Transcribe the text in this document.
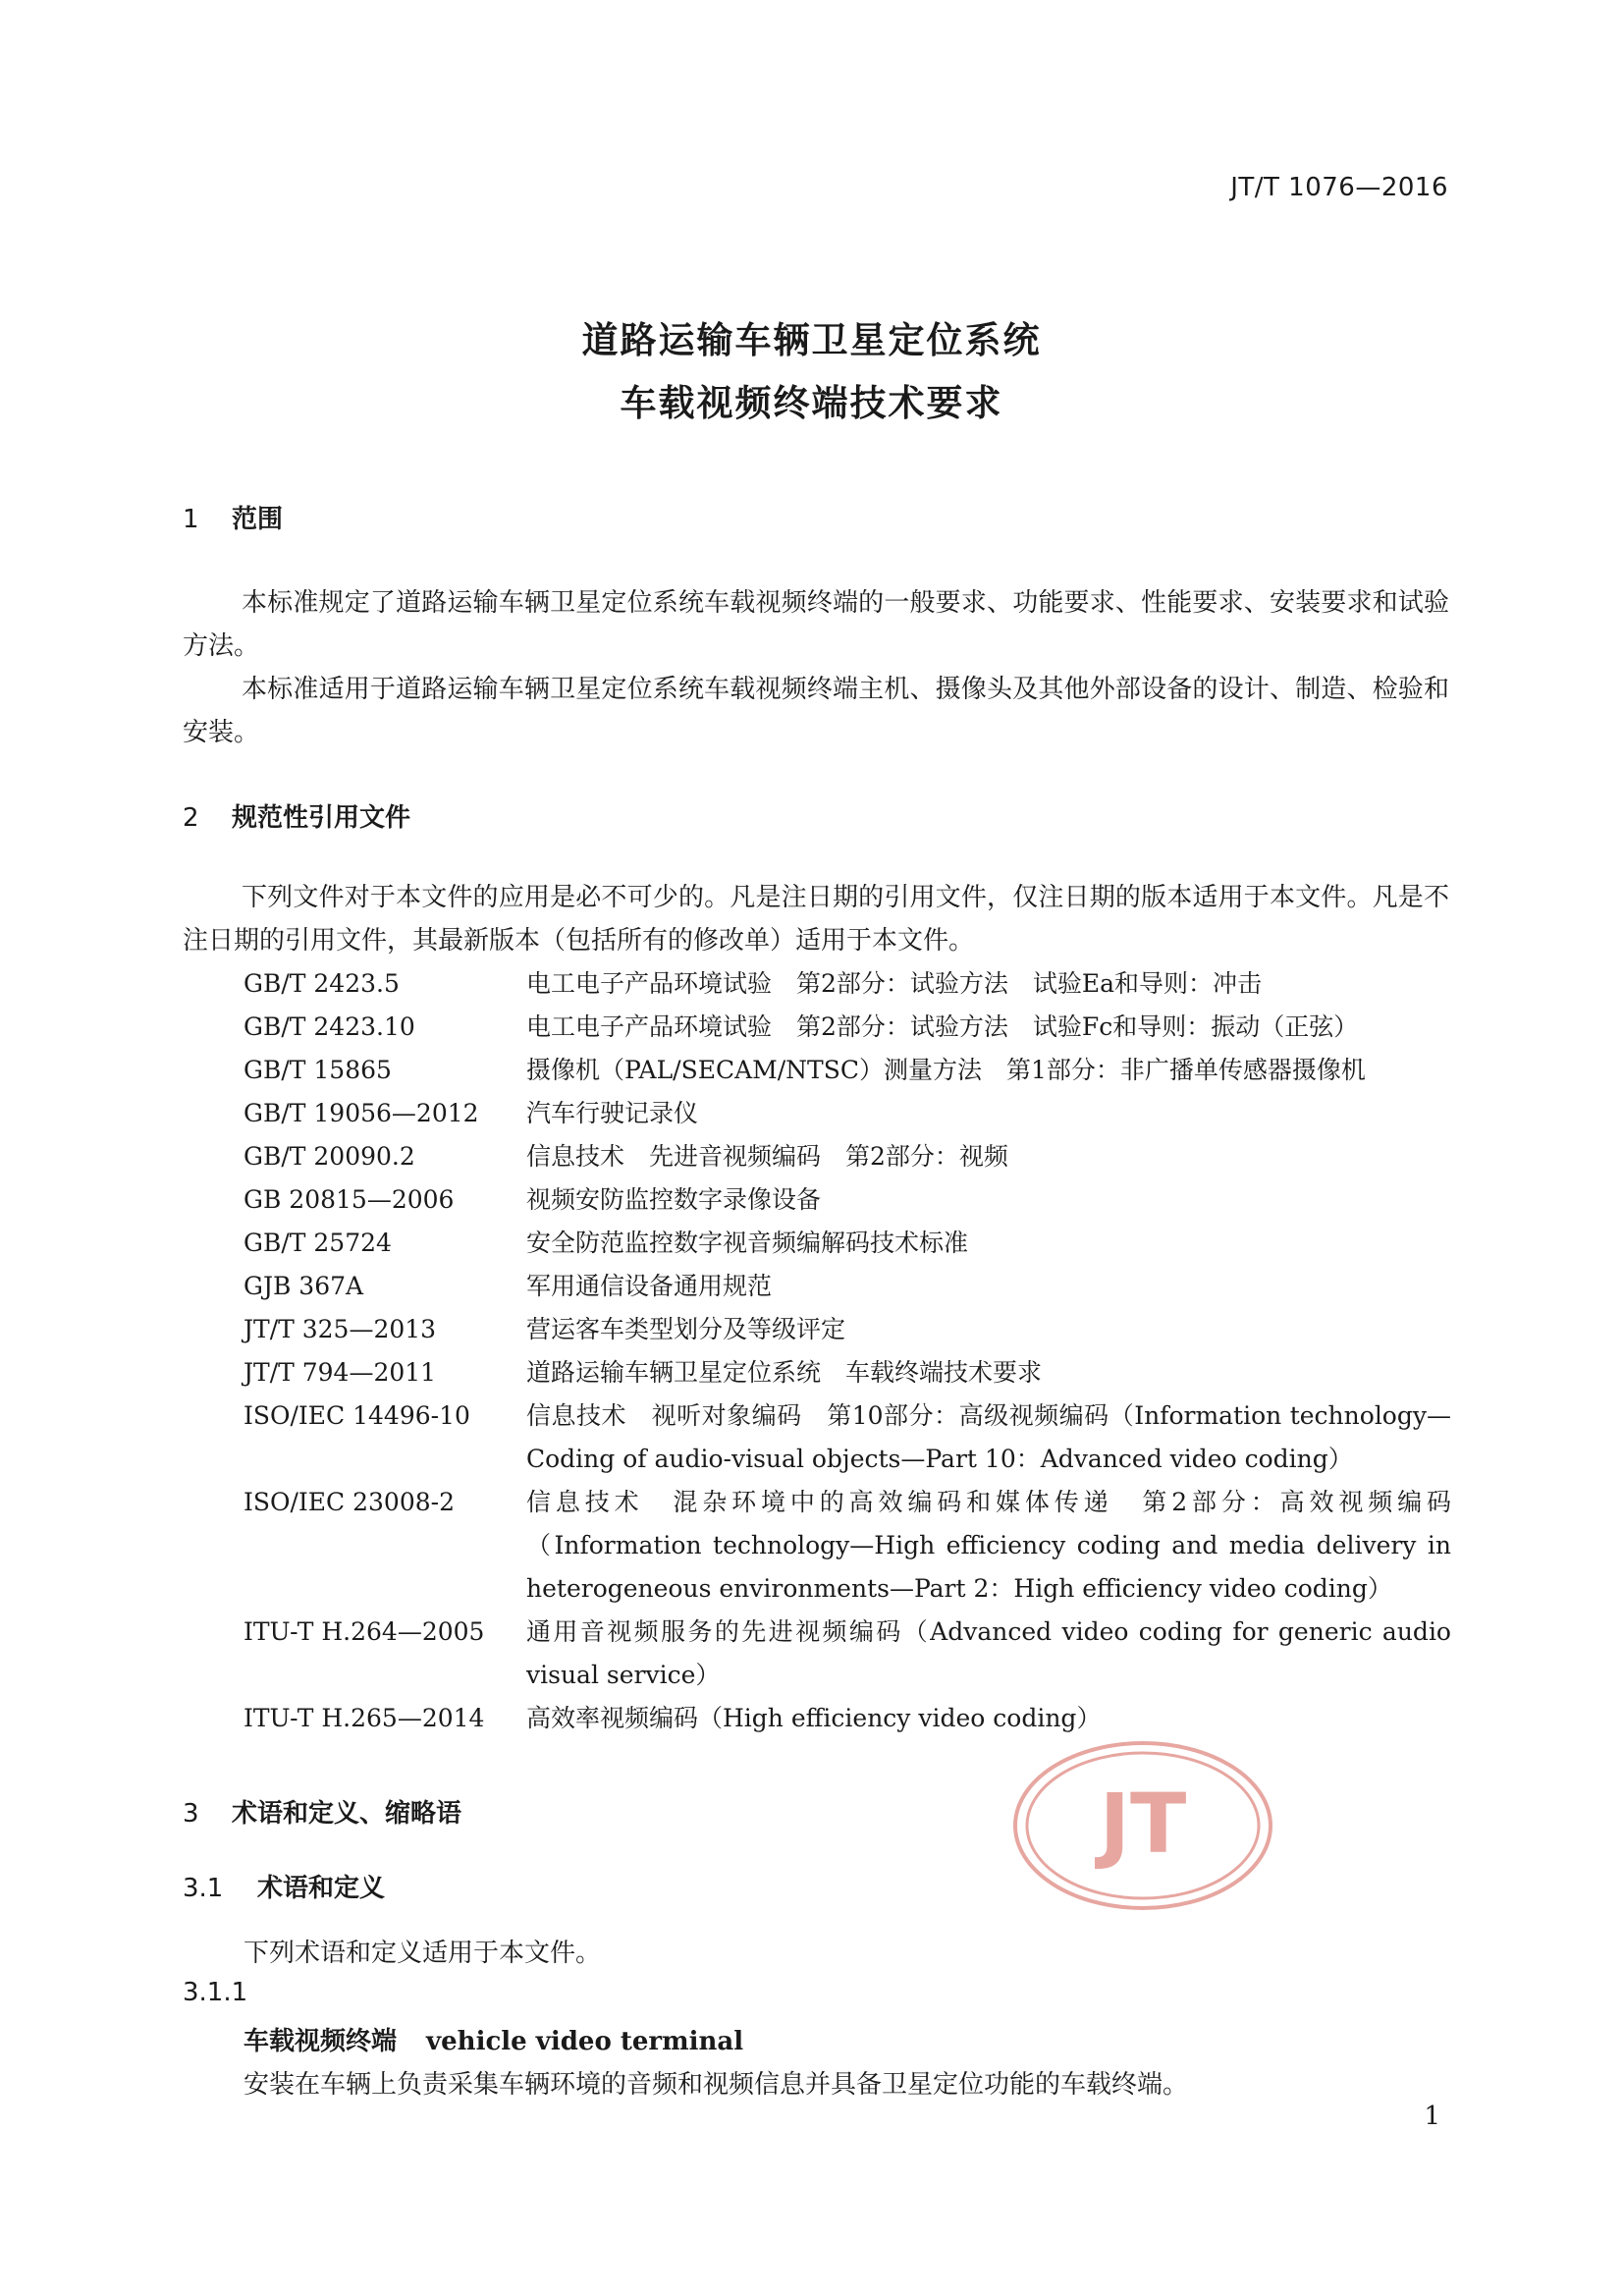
JT/T 1076—2016
道路运输车辆卫星定位系统
车载视频终端技术要求
1 范围
本标准规定了道路运输车辆卫星定位系统车载视频终端的一般要求、功能要求、性能要求、安装要求和试验方法。
本标准适用于道路运输车辆卫星定位系统车载视频终端主机、摄像头及其他外部设备的设计、制造、检验和安装。
2 规范性引用文件
下列文件对于本文件的应用是必不可少的。凡是注日期的引用文件，仅注日期的版本适用于本文件。凡是不注日期的引用文件，其最新版本（包括所有的修改单）适用于本文件。
GB/T 2423.5	电工电子产品环境试验　第2部分：试验方法　试验Ea和导则：冲击
GB/T 2423.10	电工电子产品环境试验　第2部分：试验方法　试验Fc和导则：振动（正弦）
GB/T 15865	摄像机（PAL/SECAM/NTSC）测量方法　第1部分：非广播单传感器摄像机
GB/T 19056—2012	汽车行驶记录仪
GB/T 20090.2	信息技术　先进音视频编码　第2部分：视频
GB 20815—2006	视频安防监控数字录像设备
GB/T 25724	安全防范监控数字视音频编解码技术标准
GJB 367A	军用通信设备通用规范
JT/T 325—2013	营运客车类型划分及等级评定
JT/T 794—2011	道路运输车辆卫星定位系统　车载终端技术要求
ISO/IEC 14496-10	信息技术　视听对象编码　第10部分：高级视频编码（Information technology—Coding of audio-visual objects—Part 10：Advanced video coding）
ISO/IEC 23008-2	信息技术　混杂环境中的高效编码和媒体传递　第2部分：高效视频编码（Information technology—High efficiency coding and media delivery in heterogeneous environments—Part 2：High efficiency video coding）
ITU-T H.264—2005	通用音视频服务的先进视频编码（Advanced video coding for generic audio visual service）
ITU-T H.265—2014	高效率视频编码（High efficiency video coding）
3 术语和定义、缩略语
3.1 术语和定义
下列术语和定义适用于本文件。
3.1.1
车载视频终端 vehicle video terminal
安装在车辆上负责采集车辆环境的音频和视频信息并具备卫星定位功能的车载终端。
JT
1
